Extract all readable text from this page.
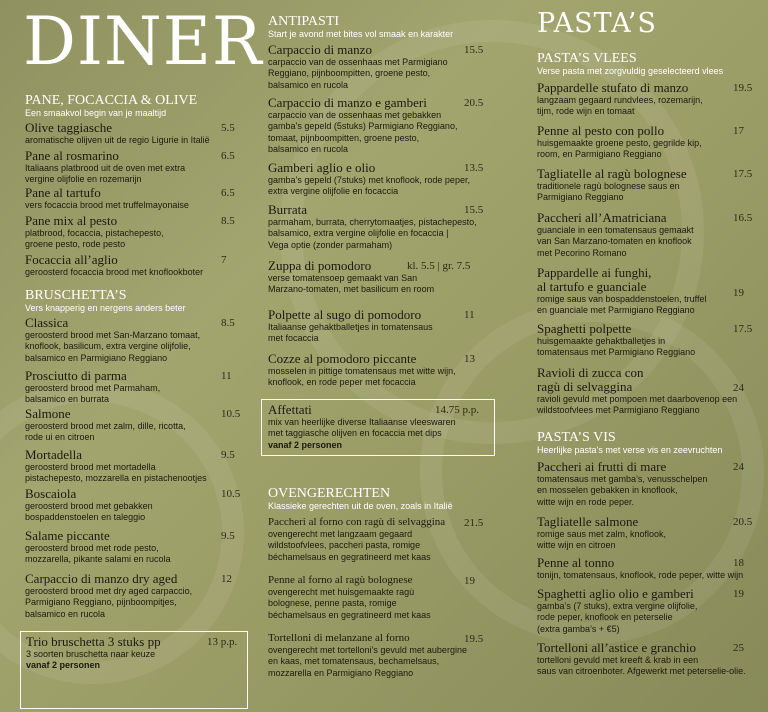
DINER
PANE, FOCACCIA & OLIVE
Een smaakvol begin van je maaltijd
Olive taggiasche	5.5
aromatische olijven uit de regio Ligurie in Italië
Pane al rosmarino	6.5
Italiaans platbrood uit de oven met extra
vergine olijfolie en rozemarijn
Pane al tartufo	6.5
vers focaccia brood met truffelmayonaise
Pane mix al pesto	8.5
platbrood, focaccia, pistachepesto,
groene pesto, rode pesto
Focaccia all’aglio	7
geroosterd focaccia brood met knoflookboter
BRUSCHETTA’S
Vers knapperig en nergens anders beter
Classica	8.5
geroosterd brood met San-Marzano tomaat,
knoflook, basilicum, extra vergine olijfolie,
balsamico en Parmigiano Reggiano
Prosciutto di parma	11
geroosterd brood met Parmaham,
balsamico en burrata
Salmone	10.5
geroosterd brood met zalm, dille, ricotta,
rode ui en citroen
Mortadella	9.5
geroosterd brood met mortadella
pistachepesto, mozzarella en pistachenootjes
Boscaiola	10.5
geroosterd brood met gebakken
bospaddenstoelen en taleggio
Salame piccante	9.5
geroosterd brood met rode pesto,
mozzarella, pikante salami en rucola
Carpaccio di manzo dry aged	12
geroosterd brood met dry aged carpaccio,
Parmigiano Reggiano, pijnboompitjes,
balsamico en rucola
Trio bruschetta 3 stuks pp	13 p.p.
3 soorten bruschetta naar keuze
vanaf 2 personen
ANTIPASTI
Start je avond met bites vol smaak en karakter
Carpaccio di manzo	15.5
carpaccio van de ossenhaas met Parmigiano
Reggiano, pijnboompitten, groene pesto,
balsamico en rucola
Carpaccio di manzo e gamberi	20.5
carpaccio van de ossenhaas met gebakken
gamba’s gepeld (5stuks) Parmigiano Reggiano,
tomaat, pijnboompitten, groene pesto,
balsamico en rucola
Gamberi aglio e olio	13.5
gamba’s gepeld (7stuks) met knoflook, rode peper,
extra vergine olijfolie en focaccia
Burrata	15.5
parmaham, burrata, cherrytomaatjes, pistachepesto,
balsamico, extra vergine olijfolie en focaccia |
Vega optie (zonder parmaham)
Zuppa di pomodoro	kl. 5.5 | gr. 7.5
verse tomatensoep gemaakt van San
Marzano-tomaten, met basilicum en room
Polpette al sugo di pomodoro	11
Italiaanse gehaktballetjes in tomatensaus
met focaccia
Cozze al pomodoro piccante	13
mosselen in pittige tomatensaus met witte wijn,
knoflook, en rode peper met focaccia
OVENGERECHTEN
Klassieke gerechten uit de oven, zoals in Italië
Paccheri al forno con ragù di selvaggina	21.5
ovengerecht met langzaam gegaard
wildstoofvlees, paccheri pasta, romige
béchamelsaus en gegratineerd met kaas
Penne al forno al ragù bolognese	19
ovengerecht met huisgemaakte ragù
bolognese, penne pasta, romige
béchamelsaus en gegratineerd met kaas
Tortelloni di melanzane al forno	19.5
ovengerecht met tortelloni’s gevuld met aubergine
en kaas, met tomatensaus, bechamelsaus,
mozzarella en Parmigiano Reggiano
Affettati	14.75 p.p.
mix van heerlijke diverse Italiaanse vleeswaren
met taggiasche olijven en focaccia met dips
vanaf 2 personen
PASTA’S
PASTA’S VLEES
Verse pasta met zorgvuldig geselecteerd vlees
Pappardelle stufato di manzo	19.5
langzaam gegaard rundvlees, rozemarijn,
tijm, rode wijn en tomaat
Penne al pesto con pollo	17
huisgemaakte groene pesto, gegrilde kip,
room, en Parmigiano Reggiano
Tagliatelle al ragù bolognese	17.5
traditionele ragù bolognese saus en
Parmigiano Reggiano
Paccheri all’Amatriciana	16.5
guanciale in een tomatensaus gemaakt
van San Marzano-tomaten en knoflook
met Pecorino Romano
Pappardelle ai funghi,
al tartufo e guanciale	19
romige saus van bospaddenstoelen, truffel
en guanciale met Parmigiano Reggiano
Spaghetti polpette	17.5
huisgemaakte gehaktballetjes in
tomatensaus met Parmigiano Reggiano
Ravioli di zucca con
ragù di selvaggina	24
ravioli gevuld met pompoen met daarbovenop een
wildstoofvlees met Parmigiano Reggiano
PASTA’S VIS
Heerlijke pasta’s met verse vis en zeevruchten
Paccheri ai frutti di mare	24
tomatensaus met gamba’s, venusschelpen
en mosselen gebakken in knoflook,
witte wijn en rode peper.
Tagliatelle salmone	20.5
romige saus met zalm, knoflook,
witte wijn en citroen
Penne al tonno	18
tonijn, tomatensaus, knoflook, rode peper, witte wijn
Spaghetti aglio olio e gamberi	19
gamba’s (7 stuks), extra vergine olijfolie,
rode peper, knoflook en peterselie
(extra gamba’s + €5)
Tortelloni all’astice e granchio	25
tortelloni gevuld met kreeft & krab in een
saus van citroenboter. Afgewerkt met peterselie-olie.
